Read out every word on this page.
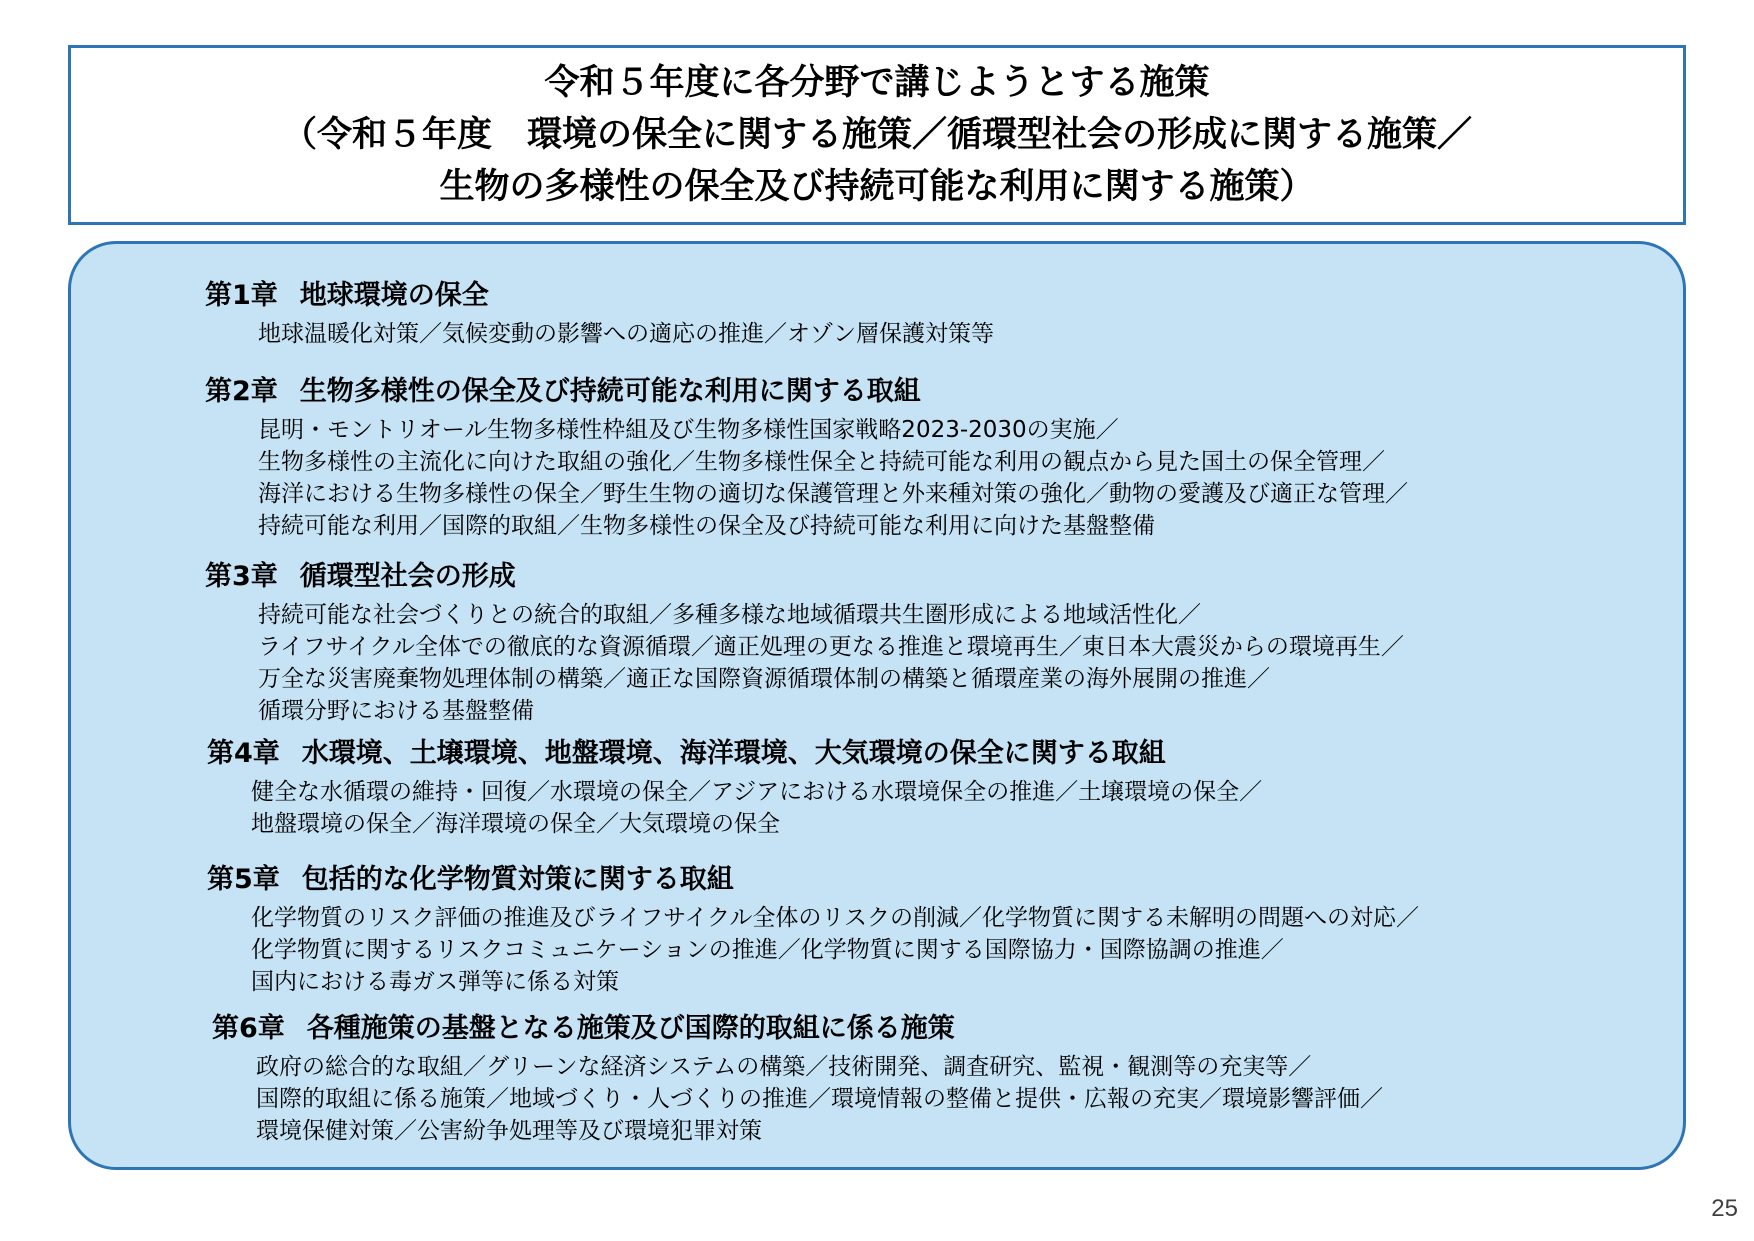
令和５年度に各分野で講じようとする施策
（令和５年度　環境の保全に関する施策／循環型社会の形成に関する施策／
生物の多様性の保全及び持続可能な利用に関する施策）
第1章 地球環境の保全
地球温暖化対策／気候変動の影響への適応の推進／オゾン層保護対策等
第2章 生物多様性の保全及び持続可能な利用に関する取組
昆明・モントリオール生物多様性枠組及び生物多様性国家戦略2023-2030の実施／
生物多様性の主流化に向けた取組の強化／生物多様性保全と持続可能な利用の観点から見た国土の保全管理／
海洋における生物多様性の保全／野生生物の適切な保護管理と外来種対策の強化／動物の愛護及び適正な管理／
持続可能な利用／国際的取組／生物多様性の保全及び持続可能な利用に向けた基盤整備
第3章 循環型社会の形成
持続可能な社会づくりとの統合的取組／多種多様な地域循環共生圏形成による地域活性化／
ライフサイクル全体での徹底的な資源循環／適正処理の更なる推進と環境再生／東日本大震災からの環境再生／
万全な災害廃棄物処理体制の構築／適正な国際資源循環体制の構築と循環産業の海外展開の推進／
循環分野における基盤整備
第4章 水環境、土壌環境、地盤環境、海洋環境、大気環境の保全に関する取組
健全な水循環の維持・回復／水環境の保全／アジアにおける水環境保全の推進／土壌環境の保全／
地盤環境の保全／海洋環境の保全／大気環境の保全
第5章 包括的な化学物質対策に関する取組
化学物質のリスク評価の推進及びライフサイクル全体のリスクの削減／化学物質に関する未解明の問題への対応／
化学物質に関するリスクコミュニケーションの推進／化学物質に関する国際協力・国際協調の推進／
国内における毒ガス弾等に係る対策
第6章 各種施策の基盤となる施策及び国際的取組に係る施策
政府の総合的な取組／グリーンな経済システムの構築／技術開発、調査研究、監視・観測等の充実等／
国際的取組に係る施策／地域づくり・人づくりの推進／環境情報の整備と提供・広報の充実／環境影響評価／
環境保健対策／公害紛争処理等及び環境犯罪対策
25
